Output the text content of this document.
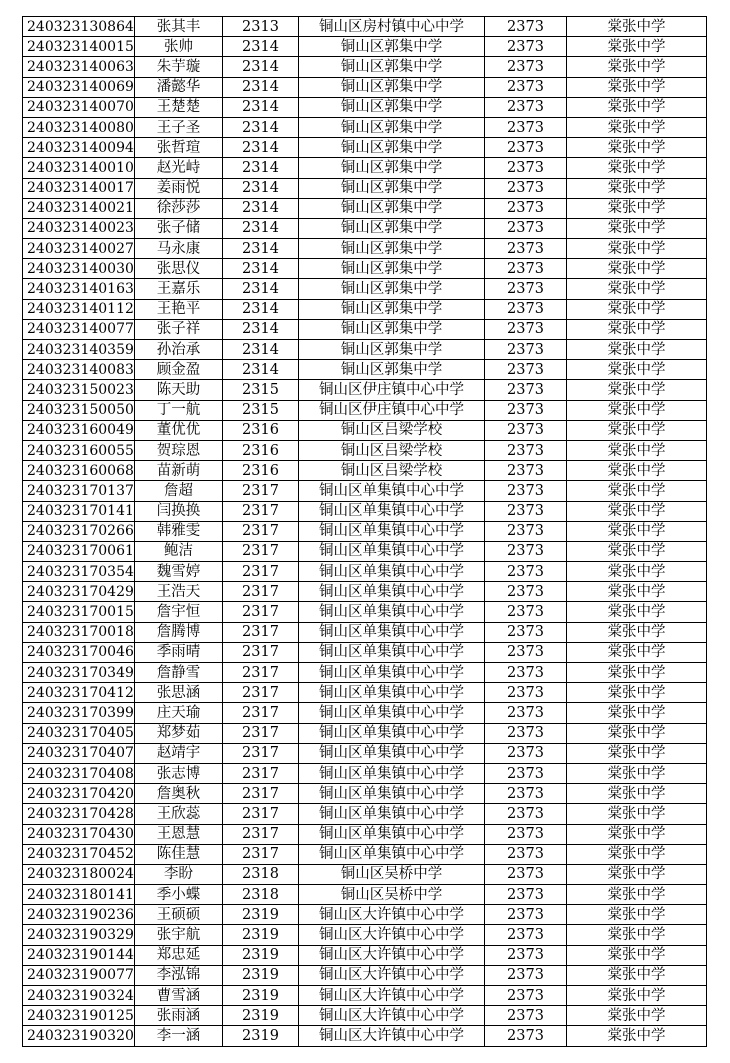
240323130864	张其丰	2313	铜山区房村镇中心中学	2373	棠张中学
240323140015	张帅	2314	铜山区郭集中学	2373	棠张中学
240323140063	朱芋璇	2314	铜山区郭集中学	2373	棠张中学
240323140069	潘懿华	2314	铜山区郭集中学	2373	棠张中学
240323140070	王楚楚	2314	铜山区郭集中学	2373	棠张中学
240323140080	王子圣	2314	铜山区郭集中学	2373	棠张中学
240323140094	张哲瑄	2314	铜山区郭集中学	2373	棠张中学
240323140010	赵光峙	2314	铜山区郭集中学	2373	棠张中学
240323140017	姜雨悦	2314	铜山区郭集中学	2373	棠张中学
240323140021	徐莎莎	2314	铜山区郭集中学	2373	棠张中学
240323140023	张子储	2314	铜山区郭集中学	2373	棠张中学
240323140027	马永康	2314	铜山区郭集中学	2373	棠张中学
240323140030	张思仪	2314	铜山区郭集中学	2373	棠张中学
240323140163	王嘉乐	2314	铜山区郭集中学	2373	棠张中学
240323140112	王艳平	2314	铜山区郭集中学	2373	棠张中学
240323140077	张子祥	2314	铜山区郭集中学	2373	棠张中学
240323140359	孙治承	2314	铜山区郭集中学	2373	棠张中学
240323140083	顾金盈	2314	铜山区郭集中学	2373	棠张中学
240323150023	陈天助	2315	铜山区伊庄镇中心中学	2373	棠张中学
240323150050	丁一航	2315	铜山区伊庄镇中心中学	2373	棠张中学
240323160049	董优优	2316	铜山区吕梁学校	2373	棠张中学
240323160055	贺琮恩	2316	铜山区吕梁学校	2373	棠张中学
240323160068	苗新萌	2316	铜山区吕梁学校	2373	棠张中学
240323170137	詹超	2317	铜山区单集镇中心中学	2373	棠张中学
240323170141	闫换换	2317	铜山区单集镇中心中学	2373	棠张中学
240323170266	韩雅雯	2317	铜山区单集镇中心中学	2373	棠张中学
240323170061	鲍洁	2317	铜山区单集镇中心中学	2373	棠张中学
240323170354	魏雪婷	2317	铜山区单集镇中心中学	2373	棠张中学
240323170429	王浩天	2317	铜山区单集镇中心中学	2373	棠张中学
240323170015	詹宇恒	2317	铜山区单集镇中心中学	2373	棠张中学
240323170018	詹腾博	2317	铜山区单集镇中心中学	2373	棠张中学
240323170046	季雨晴	2317	铜山区单集镇中心中学	2373	棠张中学
240323170349	詹静雪	2317	铜山区单集镇中心中学	2373	棠张中学
240323170412	张思涵	2317	铜山区单集镇中心中学	2373	棠张中学
240323170399	庄天瑜	2317	铜山区单集镇中心中学	2373	棠张中学
240323170405	郑梦茹	2317	铜山区单集镇中心中学	2373	棠张中学
240323170407	赵靖宇	2317	铜山区单集镇中心中学	2373	棠张中学
240323170408	张志博	2317	铜山区单集镇中心中学	2373	棠张中学
240323170420	詹奥秋	2317	铜山区单集镇中心中学	2373	棠张中学
240323170428	王欣蕊	2317	铜山区单集镇中心中学	2373	棠张中学
240323170430	王恩慧	2317	铜山区单集镇中心中学	2373	棠张中学
240323170452	陈佳慧	2317	铜山区单集镇中心中学	2373	棠张中学
240323180024	李盼	2318	铜山区吴桥中学	2373	棠张中学
240323180141	季小蝶	2318	铜山区吴桥中学	2373	棠张中学
240323190236	王硕硕	2319	铜山区大许镇中心中学	2373	棠张中学
240323190329	张宇航	2319	铜山区大许镇中心中学	2373	棠张中学
240323190144	郑忠延	2319	铜山区大许镇中心中学	2373	棠张中学
240323190077	李泓锦	2319	铜山区大许镇中心中学	2373	棠张中学
240323190324	曹雪涵	2319	铜山区大许镇中心中学	2373	棠张中学
240323190125	张雨涵	2319	铜山区大许镇中心中学	2373	棠张中学
240323190320	李一涵	2319	铜山区大许镇中心中学	2373	棠张中学
